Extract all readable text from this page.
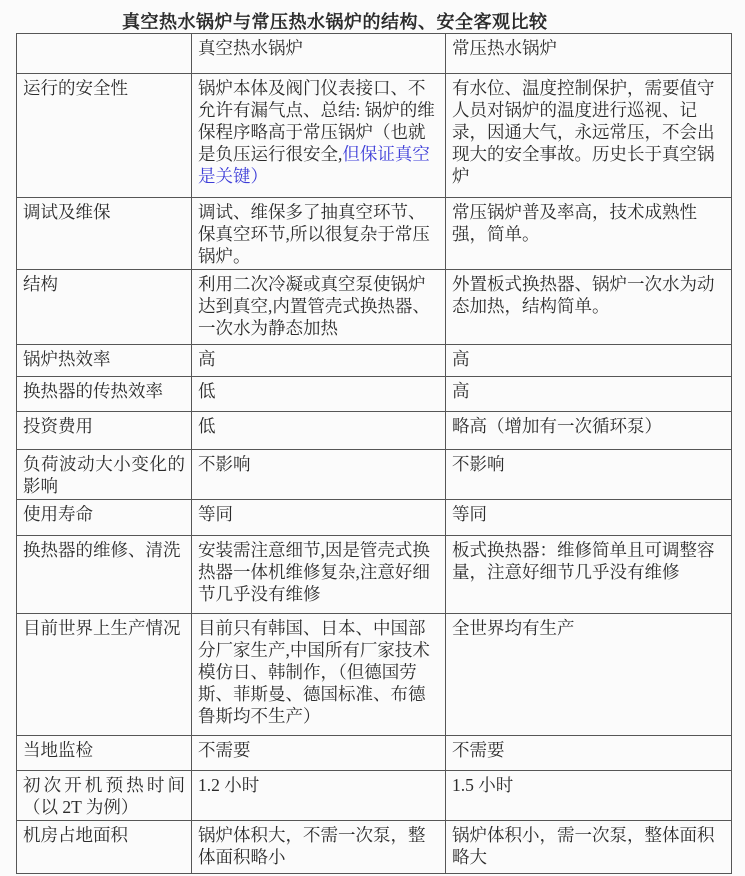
真空热水锅炉与常压热水锅炉的结构、安全客观比较
	真空热水锅炉	常压热水锅炉
运行的安全性	锅炉本体及阀门仪表接口、不允许有漏气点、总结: 锅炉的维保程序略高于常压锅炉（也就是负压运行很安全,但保证真空是关键）	有水位、温度控制保护，需要值守人员对锅炉的温度进行巡视、记录，因通大气，永远常压，不会出现大的安全事故。历史长于真空锅炉
调试及维保	调试、维保多了抽真空环节、保真空环节,所以很复杂于常压锅炉。	常压锅炉普及率高，技术成熟性强，简单。
结构	利用二次冷凝或真空泵使锅炉达到真空,内置管壳式换热器、一次水为静态加热	外置板式换热器、锅炉一次水为动态加热，结构简单。
锅炉热效率	高	高
换热器的传热效率	低	高
投资费用	低	略高（增加有一次循环泵）
负荷波动大小变化的影响	不影响	不影响
使用寿命	等同	等同
换热器的维修、清洗	安装需注意细节,因是管壳式换热器一体机维修复杂,注意好细节几乎没有维修	板式换热器：维修简单且可调整容量，注意好细节几乎没有维修
目前世界上生产情况	目前只有韩国、日本、中国部分厂家生产,中国所有厂家技术模仿日、韩制作，（但德国劳斯、菲斯曼、德国标准、布德鲁斯均不生产）	全世界均有生产
当地监检	不需要	不需要
初次开机预热时间（以 2T 为例）	1.2 小时	1.5 小时
机房占地面积	锅炉体积大，不需一次泵，整体面积略小	锅炉体积小，需一次泵，整体面积略大
